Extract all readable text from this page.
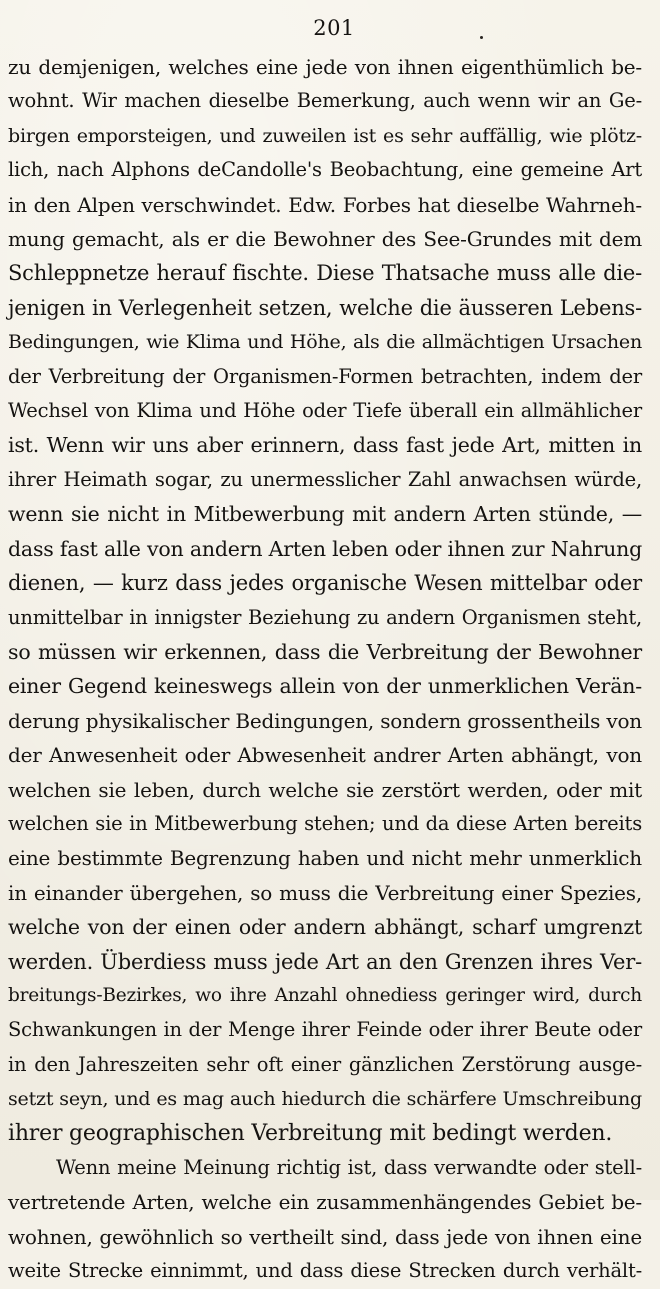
201
zu demjenigen, welches eine jede von ihnen eigenthümlich be-
wohnt. Wir machen dieselbe Bemerkung, auch wenn wir an Ge-
birgen emporsteigen, und zuweilen ist es sehr auffällig, wie plötz-
lich, nach Alphons deCandolle's Beobachtung, eine gemeine Art
in den Alpen verschwindet. Edw. Forbes hat dieselbe Wahrneh-
mung gemacht, als er die Bewohner des See-Grundes mit dem
Schleppnetze herauf fischte. Diese Thatsache muss alle die-
jenigen in Verlegenheit setzen, welche die äusseren Lebens-
Bedingungen, wie Klima und Höhe, als die allmächtigen Ursachen
der Verbreitung der Organismen-Formen betrachten, indem der
Wechsel von Klima und Höhe oder Tiefe überall ein allmählicher
ist. Wenn wir uns aber erinnern, dass fast jede Art, mitten in
ihrer Heimath sogar, zu unermesslicher Zahl anwachsen würde,
wenn sie nicht in Mitbewerbung mit andern Arten stünde, —
dass fast alle von andern Arten leben oder ihnen zur Nahrung
dienen, — kurz dass jedes organische Wesen mittelbar oder
unmittelbar in innigster Beziehung zu andern Organismen steht,
so müssen wir erkennen, dass die Verbreitung der Bewohner
einer Gegend keineswegs allein von der unmerklichen Verän-
derung physikalischer Bedingungen, sondern grossentheils von
der Anwesenheit oder Abwesenheit andrer Arten abhängt, von
welchen sie leben, durch welche sie zerstört werden, oder mit
welchen sie in Mitbewerbung stehen; und da diese Arten bereits
eine bestimmte Begrenzung haben und nicht mehr unmerklich
in einander übergehen, so muss die Verbreitung einer Spezies,
welche von der einen oder andern abhängt, scharf umgrenzt
werden. Überdiess muss jede Art an den Grenzen ihres Ver-
breitungs-Bezirkes, wo ihre Anzahl ohnediess geringer wird, durch
Schwankungen in der Menge ihrer Feinde oder ihrer Beute oder
in den Jahreszeiten sehr oft einer gänzlichen Zerstörung ausge-
setzt seyn, und es mag auch hiedurch die schärfere Umschreibung
ihrer geographischen Verbreitung mit bedingt werden.
Wenn meine Meinung richtig ist, dass verwandte oder stell-
vertretende Arten, welche ein zusammenhängendes Gebiet be-
wohnen, gewöhnlich so vertheilt sind, dass jede von ihnen eine
weite Strecke einnimmt, und dass diese Strecken durch verhält-
